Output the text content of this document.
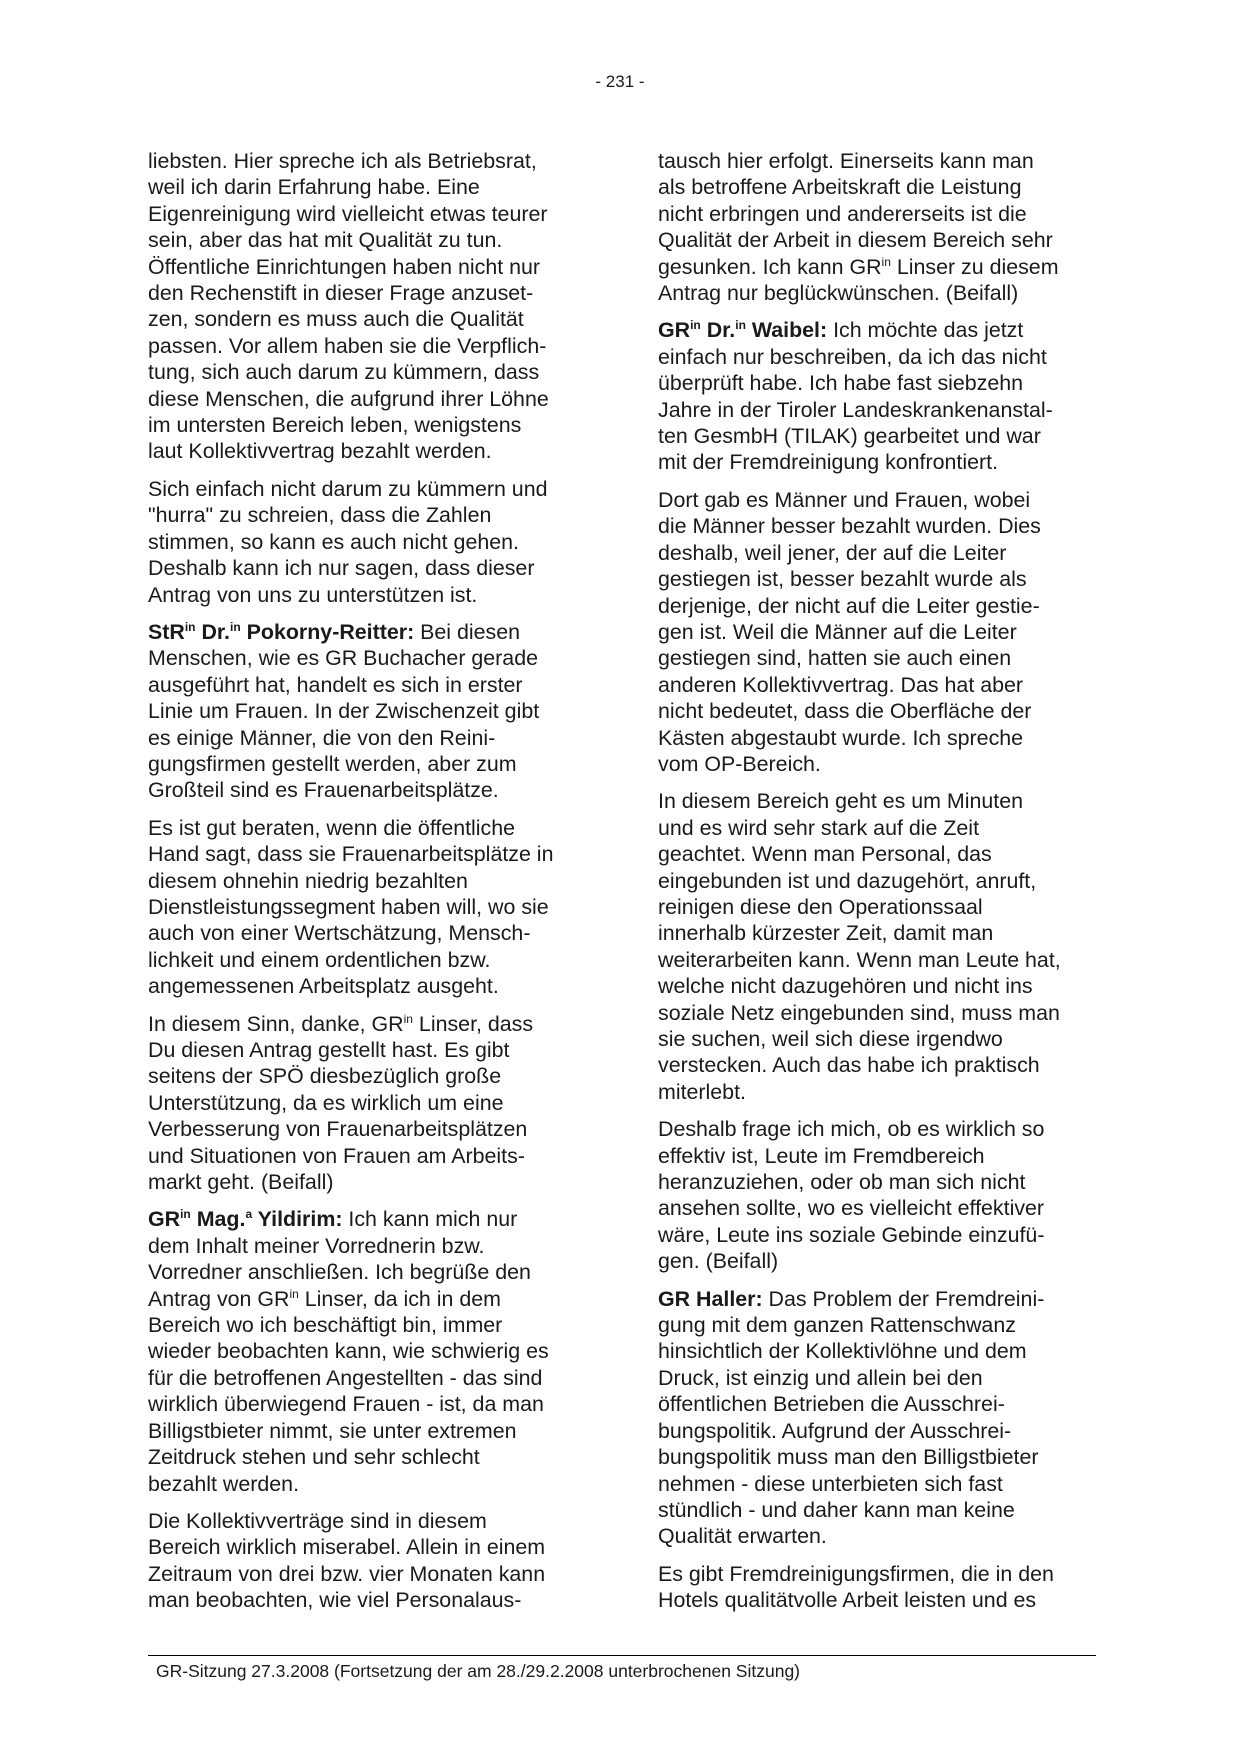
- 231 -

liebsten. Hier spreche ich als Betriebsrat,
weil ich darin Erfahrung habe. Eine
Eigenreinigung wird vielleicht etwas teurer
sein, aber das hat mit Qualität zu tun.
Öffentliche Einrichtungen haben nicht nur
den Rechenstift in dieser Frage anzuset-
zen, sondern es muss auch die Qualität
passen. Vor allem haben sie die Verpflich-
tung, sich auch darum zu kümmern, dass
diese Menschen, die aufgrund ihrer Löhne
im untersten Bereich leben, wenigstens
laut Kollektivvertrag bezahlt werden.

Sich einfach nicht darum zu kümmern und
"hurra" zu schreien, dass die Zahlen
stimmen, so kann es auch nicht gehen.
Deshalb kann ich nur sagen, dass dieser
Antrag von uns zu unterstützen ist.

StR$^{in}$ Dr.$^{in}$ Pokorny-Reitter: Bei diesen
Menschen, wie es GR Buchacher gerade
ausgeführt hat, handelt es sich in erster
Linie um Frauen. In der Zwischenzeit gibt
es einige Männer, die von den Reini-
gungsfirmen gestellt werden, aber zum
Großteil sind es Frauenarbeitsplätze.

Es ist gut beraten, wenn die öffentliche
Hand sagt, dass sie Frauenarbeitsplätze in
diesem ohnehin niedrig bezahlten
Dienstleistungssegment haben will, wo sie
auch von einer Wertschätzung, Mensch-
lichkeit und einem ordentlichen bzw.
angemessenen Arbeitsplatz ausgeht.

In diesem Sinn, danke, $GR^{in}$ Linser, dass
Du diesen Antrag gestellt hast. Es gibt
seitens der SPÖ diesbezüglich große
Unterstützung, da es wirklich um eine
Verbesserung von Frauenarbeitsplätzen
und Situationen von Frauen am Arbeits-
markt geht. (Beifall)

$GR^{in}$ Mag.$^a$ Yildirim: Ich kann mich nur
dem Inhalt meiner Vorrednerin bzw.
Vorredner anschließen. Ich begrüße den
Antrag von $GR^{in}$ Linser, da ich in dem
Bereich wo ich beschäftigt bin, immer
wieder beobachten kann, wie schwierig es
für die betroffenen Angestellten - das sind
wirklich überwiegend Frauen - ist, da man
Billigstbieter nimmt, sie unter extremen
Zeitdruck stehen und sehr schlecht
bezahlt werden.

Die Kollektivverträge sind in diesem
Bereich wirklich miserabel. Allein in einem
Zeitraum von drei bzw. vier Monaten kann
man beobachten, wie viel Personalaus-

tausch hier erfolgt. Einerseits kann man
als betroffene Arbeitskraft die Leistung
nicht erbringen und andererseits ist die
Qualität der Arbeit in diesem Bereich sehr
gesunken. Ich kann $GR^{in}$ Linser zu diesem
Antrag nur beglückwünschen. (Beifall)

$GR^{in}$ Dr.$^{in}$ Waibel: Ich möchte das jetzt
einfach nur beschreiben, da ich das nicht
überprüft habe. Ich habe fast siebzehn
Jahre in der Tiroler Landeskrankenanstal-
ten GesmbH (TILAK) gearbeitet und war
mit der Fremdreinigung konfrontiert.

Dort gab es Männer und Frauen, wobei
die Männer besser bezahlt wurden. Dies
deshalb, weil jener, der auf die Leiter
gestiegen ist, besser bezahlt wurde als
derjenige, der nicht auf die Leiter gestie-
gen ist. Weil die Männer auf die Leiter
gestiegen sind, hatten sie auch einen
anderen Kollektivvertrag. Das hat aber
nicht bedeutet, dass die Oberfläche der
Kästen abgestaubt wurde. Ich spreche
vom OP-Bereich.

In diesem Bereich geht es um Minuten
und es wird sehr stark auf die Zeit
geachtet. Wenn man Personal, das
eingebunden ist und dazugehört, anruft,
reinigen diese den Operationssaal
innerhalb kürzester Zeit, damit man
weiterarbeiten kann. Wenn man Leute hat,
welche nicht dazugehören und nicht ins
soziale Netz eingebunden sind, muss man
sie suchen, weil sich diese irgendwo
verstecken. Auch das habe ich praktisch
miterlebt.

Deshalb frage ich mich, ob es wirklich so
effektiv ist, Leute im Fremdbereich
heranzuziehen, oder ob man sich nicht
ansehen sollte, wo es vielleicht effektiver
wäre, Leute ins soziale Gebinde einzufü-
gen. (Beifall)

GR Haller: Das Problem der Fremdreini-
gung mit dem ganzen Rattenschwanz
hinsichtlich der Kollektivlöhne und dem
Druck, ist einzig und allein bei den
öffentlichen Betrieben die Ausschrei-
bungspolitik. Aufgrund der Ausschrei-
bungspolitik muss man den Billigstbieter
nehmen - diese unterbieten sich fast
stündlich - und daher kann man keine
Qualität erwarten.

Es gibt Fremdreinigungsfirmen, die in den
Hotels qualitätvolle Arbeit leisten und es

GR-Sitzung 27.3.2008 (Fortsetzung der am 28./29.2.2008 unterbrochenen Sitzung)
